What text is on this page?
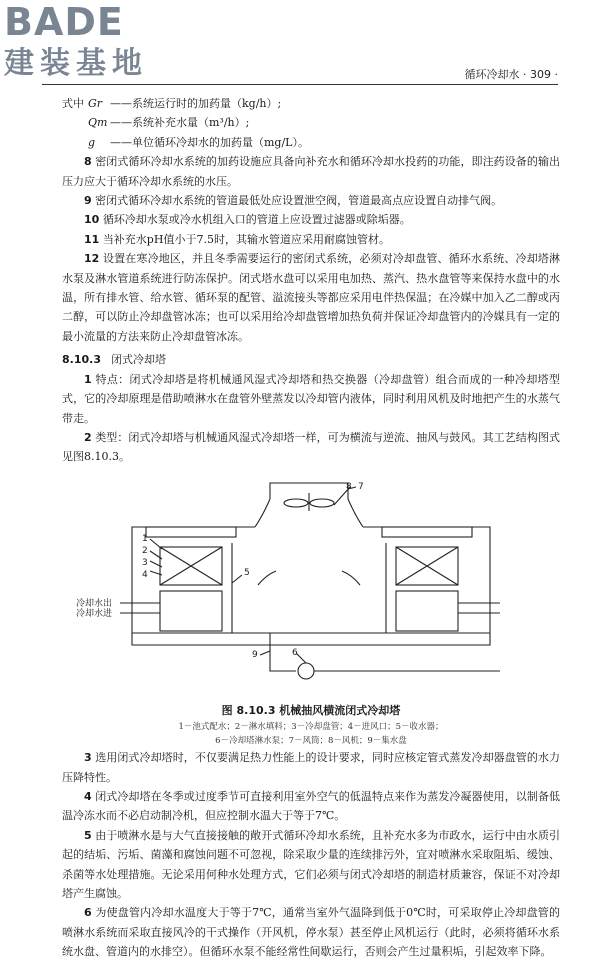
BADE
建装基地	循环冷却水 · 309 ·

式中 Gr ——系统运行时的加药量（kg/h）;

Qm ——系统补充水量（m³/h）;

g ——单位循环冷却水的加药量（mg/L）。

8 密闭式循环冷却水系统的加药设施应具备向补充水和循环冷却水投药的功能，即注药设备的输出压力应大于循环冷却水系统的水压。

9 密闭式循环冷却水系统的管道最低处应设置泄空阀，管道最高点应设置自动排气阀。

10 循环冷却水泵或冷水机组入口的管道上应设置过滤器或除垢器。

11 当补充水pH值小于7.5时，其输水管道应采用耐腐蚀管材。

12 设置在寒冷地区，并且冬季需要运行的密闭式系统，必须对冷却盘管、循环水系统、冷却塔淋水泵及淋水管道系统进行防冻保护。闭式塔水盘可以采用电加热、蒸汽、热水盘管等来保持水盘中的水温，所有排水管、给水管、循环泵的配管、溢流接头等都应采用电伴热保温；在冷媒中加入乙二醇或丙二醇，可以防止冷却盘管冰冻；也可以采用给冷却盘管增加热负荷并保证冷却盘管内的冷媒具有一定的最小流量的方法来防止冷却盘管冰冻。

8.10.3 闭式冷却塔

1 特点：闭式冷却塔是将机械通风湿式冷却塔和热交换器（冷却盘管）组合而成的一种冷却塔型式，它的冷却原理是借助喷淋水在盘管外壁蒸发以冷却管内液体，同时利用风机及时地把产生的水蒸气带走。

2 类型：闭式冷却塔与机械通风湿式冷却塔一样，可为横流与逆流、抽风与鼓风。其工艺结构图式见图8.10.3。

冷却水出
冷却水进
1
2
3
4	5
6
7
8
9
图 8.10.3 机械抽风横流闭式冷却塔
1－池式配水；2－淋水填料；3－冷却盘管；4－进风口；5－收水器；
6－冷却塔淋水泵；7－风筒；8－风机；9－集水盘

3 选用闭式冷却塔时，不仅要满足热力性能上的设计要求，同时应核定管式蒸发冷却器盘管的水力压降特性。

4 闭式冷却塔在冬季或过度季节可直接利用室外空气的低温特点来作为蒸发冷凝器使用，以制备低温冷冻水而不必启动制冷机，但应控制水温大于等于7℃。

5 由于喷淋水是与大气直接接触的敞开式循环冷却水系统，且补充水多为市政水，运行中由水质引起的结垢、污垢、菌藻和腐蚀问题不可忽视，除采取少量的连续排污外，宜对喷淋水采取阻垢、缓蚀、杀菌等水处理措施。无论采用何种水处理方式，它们必须与闭式冷却塔的制造材质兼容，保证不对冷却塔产生腐蚀。

6 为使盘管内冷却水温度大于等于7℃，通常当室外气温降到低于0℃时，可采取停止冷却盘管的喷淋水系统而采取直接风冷的干式操作（开风机，停水泵）甚至停止风机运行（此时，必须将循环水系统水盘、管道内的水排空）。但循环水泵不能经常性间歇运行，否则会产生过量积垢，引起效率下降。
